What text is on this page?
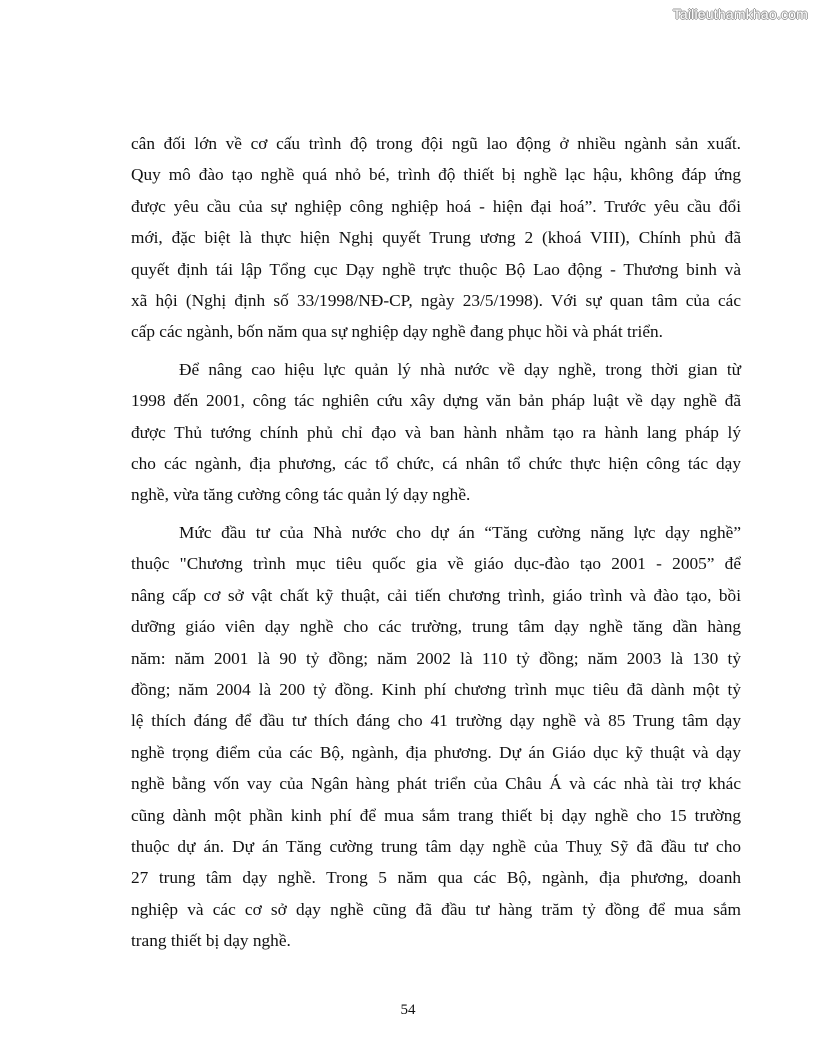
Tailieuthamkhao.com

cân đối lớn về cơ cấu trình độ trong đội ngũ lao động ở nhiều ngành sản xuất.
Quy mô đào tạo nghề quá nhỏ bé, trình độ thiết bị nghề lạc hậu, không đáp ứng
được yêu cầu của sự nghiệp công nghiệp hoá - hiện đại hoá”. Trước yêu cầu đổi
mới, đặc biệt là thực hiện Nghị quyết Trung ương 2 (khoá VIII), Chính phủ đã
quyết định tái lập Tổng cục Dạy nghề trực thuộc Bộ Lao động - Thương binh và
xã hội (Nghị định số 33/1998/NĐ-CP, ngày 23/5/1998). Với sự quan tâm của các
cấp các ngành, bốn năm qua sự nghiệp dạy nghề đang phục hồi và phát triển.

Để nâng cao hiệu lực quản lý nhà nước về dạy nghề, trong thời gian từ
1998 đến 2001, công tác nghiên cứu xây dựng văn bản pháp luật về dạy nghề đã
được Thủ tướng chính phủ chỉ đạo và ban hành nhằm tạo ra hành lang pháp lý
cho các ngành, địa phương, các tổ chức, cá nhân tổ chức thực hiện công tác dạy
nghề, vừa tăng cường công tác quản lý dạy nghề.

Mức đầu tư của Nhà nước cho dự án “Tăng cường năng lực dạy nghề”
thuộc "Chương trình mục tiêu quốc gia về giáo dục-đào tạo 2001 - 2005” để
nâng cấp cơ sở vật chất kỹ thuật, cải tiến chương trình, giáo trình và đào tạo, bồi
dưỡng giáo viên dạy nghề cho các trường, trung tâm dạy nghề tăng dần hàng
năm: năm 2001 là 90 tỷ đồng; năm 2002 là 110 tỷ đồng; năm 2003 là 130 tỷ
đồng; năm 2004 là 200 tỷ đồng. Kinh phí chương trình mục tiêu đã dành một tỷ
lệ thích đáng để đầu tư thích đáng cho 41 trường dạy nghề và 85 Trung tâm dạy
nghề trọng điểm của các Bộ, ngành, địa phương. Dự án Giáo dục kỹ thuật và dạy
nghề bằng vốn vay của Ngân hàng phát triển của Châu Á và các nhà tài trợ khác
cũng dành một phần kinh phí để mua sắm trang thiết bị dạy nghề cho 15 trường
thuộc dự án. Dự án Tăng cường trung tâm dạy nghề của Thuỵ Sỹ đã đầu tư cho
27 trung tâm dạy nghề. Trong 5 năm qua các Bộ, ngành, địa phương, doanh
nghiệp và các cơ sở dạy nghề cũng đã đầu tư hàng trăm tỷ đồng để mua sắm
trang thiết bị dạy nghề.

54
